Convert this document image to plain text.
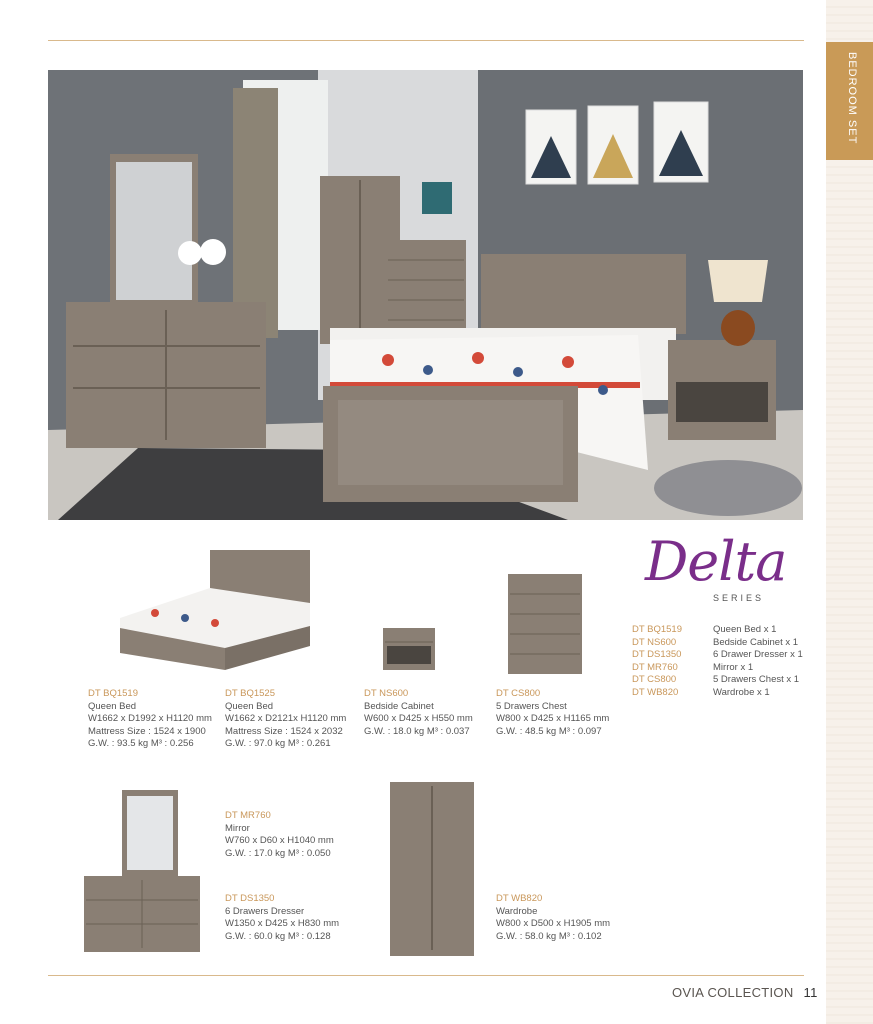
BEDROOM SET
Delta
SERIES
DT BQ1519
DT NS600
DT DS1350
DT MR760
DT CS800
DT WB820
Queen Bed x 1
Bedside Cabinet x 1
6 Drawer Dresser x 1
Mirror x 1
5 Drawers Chest x 1
Wardrobe x 1
DT BQ1519
Queen Bed
W1662 x D1992 x H1120 mm
Mattress Size : 1524 x 1900
G.W. : 93.5 kg M³ : 0.256
DT BQ1525
Queen Bed
W1662 x D2121x H1120 mm
Mattress Size : 1524 x 2032
G.W. : 97.0 kg M³ : 0.261
DT NS600
Bedside Cabinet
W600 x D425 x H550 mm
G.W. : 18.0 kg M³ : 0.037
DT CS800
5 Drawers Chest
W800 x D425 x H1165 mm
G.W. : 48.5 kg M³ : 0.097
DT MR760
Mirror
W760 x D60 x H1040 mm
G.W. : 17.0 kg M³ : 0.050
DT DS1350
6 Drawers Dresser
W1350 x D425 x H830 mm
G.W. : 60.0 kg M³ : 0.128
DT WB820
Wardrobe
W800 x D500 x H1905 mm
G.W. : 58.0 kg M³ : 0.102
OVIA COLLECTION 11
